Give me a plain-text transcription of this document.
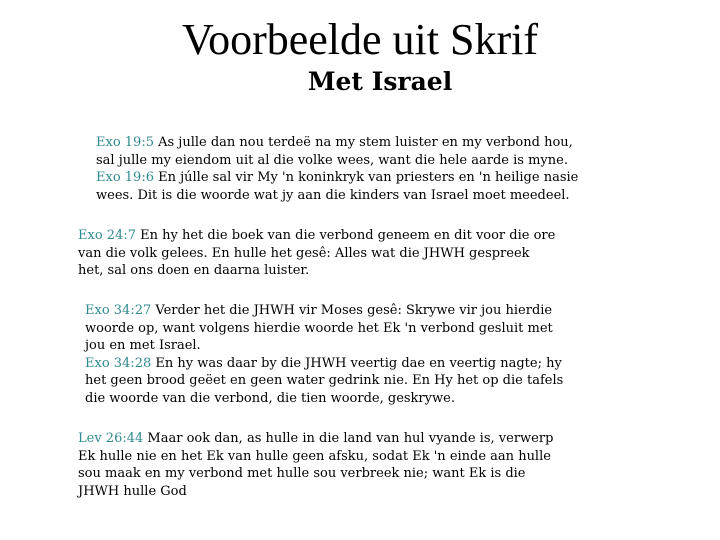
Voorbeelde uit Skrif
Met Israel
Exo 19:5 As julle dan nou terdeë na my stem luister en my verbond hou,
sal julle my eiendom uit al die volke wees, want die hele aarde is myne.
Exo 19:6 En júlle sal vir My 'n koninkryk van priesters en 'n heilige nasie
wees. Dit is die woorde wat jy aan die kinders van Israel moet meedeel.
Exo 24:7 En hy het die boek van die verbond geneem en dit voor die ore
van die volk gelees. En hulle het gesê: Alles wat die JHWH gespreek
het, sal ons doen en daarna luister.
Exo 34:27 Verder het die JHWH vir Moses gesê: Skrywe vir jou hierdie
woorde op, want volgens hierdie woorde het Ek 'n verbond gesluit met
jou en met Israel.
Exo 34:28 En hy was daar by die JHWH veertig dae en veertig nagte; hy
het geen brood geëet en geen water gedrink nie. En Hy het op die tafels
die woorde van die verbond, die tien woorde, geskrywe.
Lev 26:44 Maar ook dan, as hulle in die land van hul vyande is, verwerp
Ek hulle nie en het Ek van hulle geen afsku, sodat Ek 'n einde aan hulle
sou maak en my verbond met hulle sou verbreek nie; want Ek is die
JHWH hulle God
